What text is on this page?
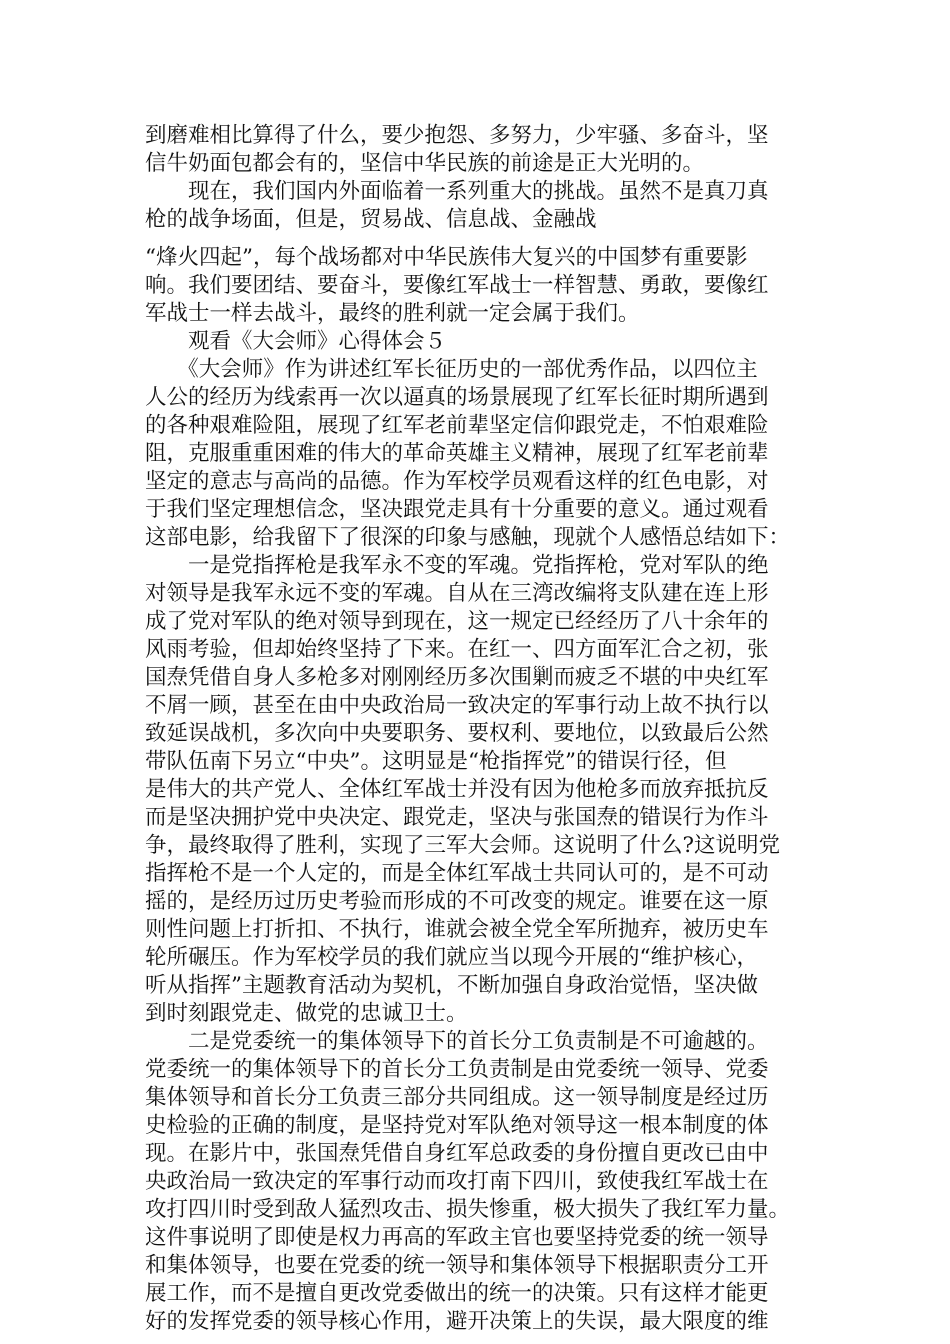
到磨难相比算得了什么，要少抱怨、多努力，少牢骚、多奋斗，坚
信牛奶面包都会有的，坚信中华民族的前途是正大光明的。
　　现在，我们国内外面临着一系列重大的挑战。虽然不是真刀真
枪的战争场面，但是，贸易战、信息战、金融战
“烽火四起”，每个战场都对中华民族伟大复兴的中国梦有重要影
响。我们要团结、要奋斗，要像红军战士一样智慧、勇敢，要像红
军战士一样去战斗，最终的胜利就一定会属于我们。
　　观看《大会师》心得体会５
　　《大会师》作为讲述红军长征历史的一部优秀作品，以四位主
人公的经历为线索再一次以逼真的场景展现了红军长征时期所遇到
的各种艰难险阻，展现了红军老前辈坚定信仰跟党走，不怕艰难险
阻，克服重重困难的伟大的革命英雄主义精神，展现了红军老前辈
坚定的意志与高尚的品德。作为军校学员观看这样的红色电影，对
于我们坚定理想信念，坚决跟党走具有十分重要的意义。通过观看
这部电影，给我留下了很深的印象与感触，现就个人感悟总结如下：
　　一是党指挥枪是我军永不变的军魂。党指挥枪，党对军队的绝
对领导是我军永远不变的军魂。自从在三湾改编将支队建在连上形
成了党对军队的绝对领导到现在，这一规定已经经历了八十余年的
风雨考验，但却始终坚持了下来。在红一、四方面军汇合之初，张
国焘凭借自身人多枪多对刚刚经历多次围剿而疲乏不堪的中央红军
不屑一顾，甚至在由中央政治局一致决定的军事行动上故不执行以
致延误战机，多次向中央要职务、要权利、要地位，以致最后公然
带队伍南下另立“中央”。这明显是“枪指挥党”的错误行径，但
是伟大的共产党人、全体红军战士并没有因为他枪多而放弃抵抗反
而是坚决拥护党中央决定、跟党走，坚决与张国焘的错误行为作斗
争，最终取得了胜利，实现了三军大会师。这说明了什么?这说明党
指挥枪不是一个人定的，而是全体红军战士共同认可的，是不可动
摇的，是经历过历史考验而形成的不可改变的规定。谁要在这一原
则性问题上打折扣、不执行，谁就会被全党全军所抛弃，被历史车
轮所碾压。作为军校学员的我们就应当以现今开展的“维护核心，
听从指挥”主题教育活动为契机，不断加强自身政治觉悟，坚决做
到时刻跟党走、做党的忠诚卫士。
　　二是党委统一的集体领导下的首长分工负责制是不可逾越的。
党委统一的集体领导下的首长分工负责制是由党委统一领导、党委
集体领导和首长分工负责三部分共同组成。这一领导制度是经过历
史检验的正确的制度，是坚持党对军队绝对领导这一根本制度的体
现。在影片中，张国焘凭借自身红军总政委的身份擅自更改已由中
央政治局一致决定的军事行动而攻打南下四川，致使我红军战士在
攻打四川时受到敌人猛烈攻击、损失惨重，极大损失了我红军力量。
这件事说明了即使是权力再高的军政主官也要坚持党委的统一领导
和集体领导，也要在党委的统一领导和集体领导下根据职责分工开
展工作，而不是擅自更改党委做出的统一的决策。只有这样才能更
好的发挥党委的领导核心作用，避开决策上的失误，最大限度的维
